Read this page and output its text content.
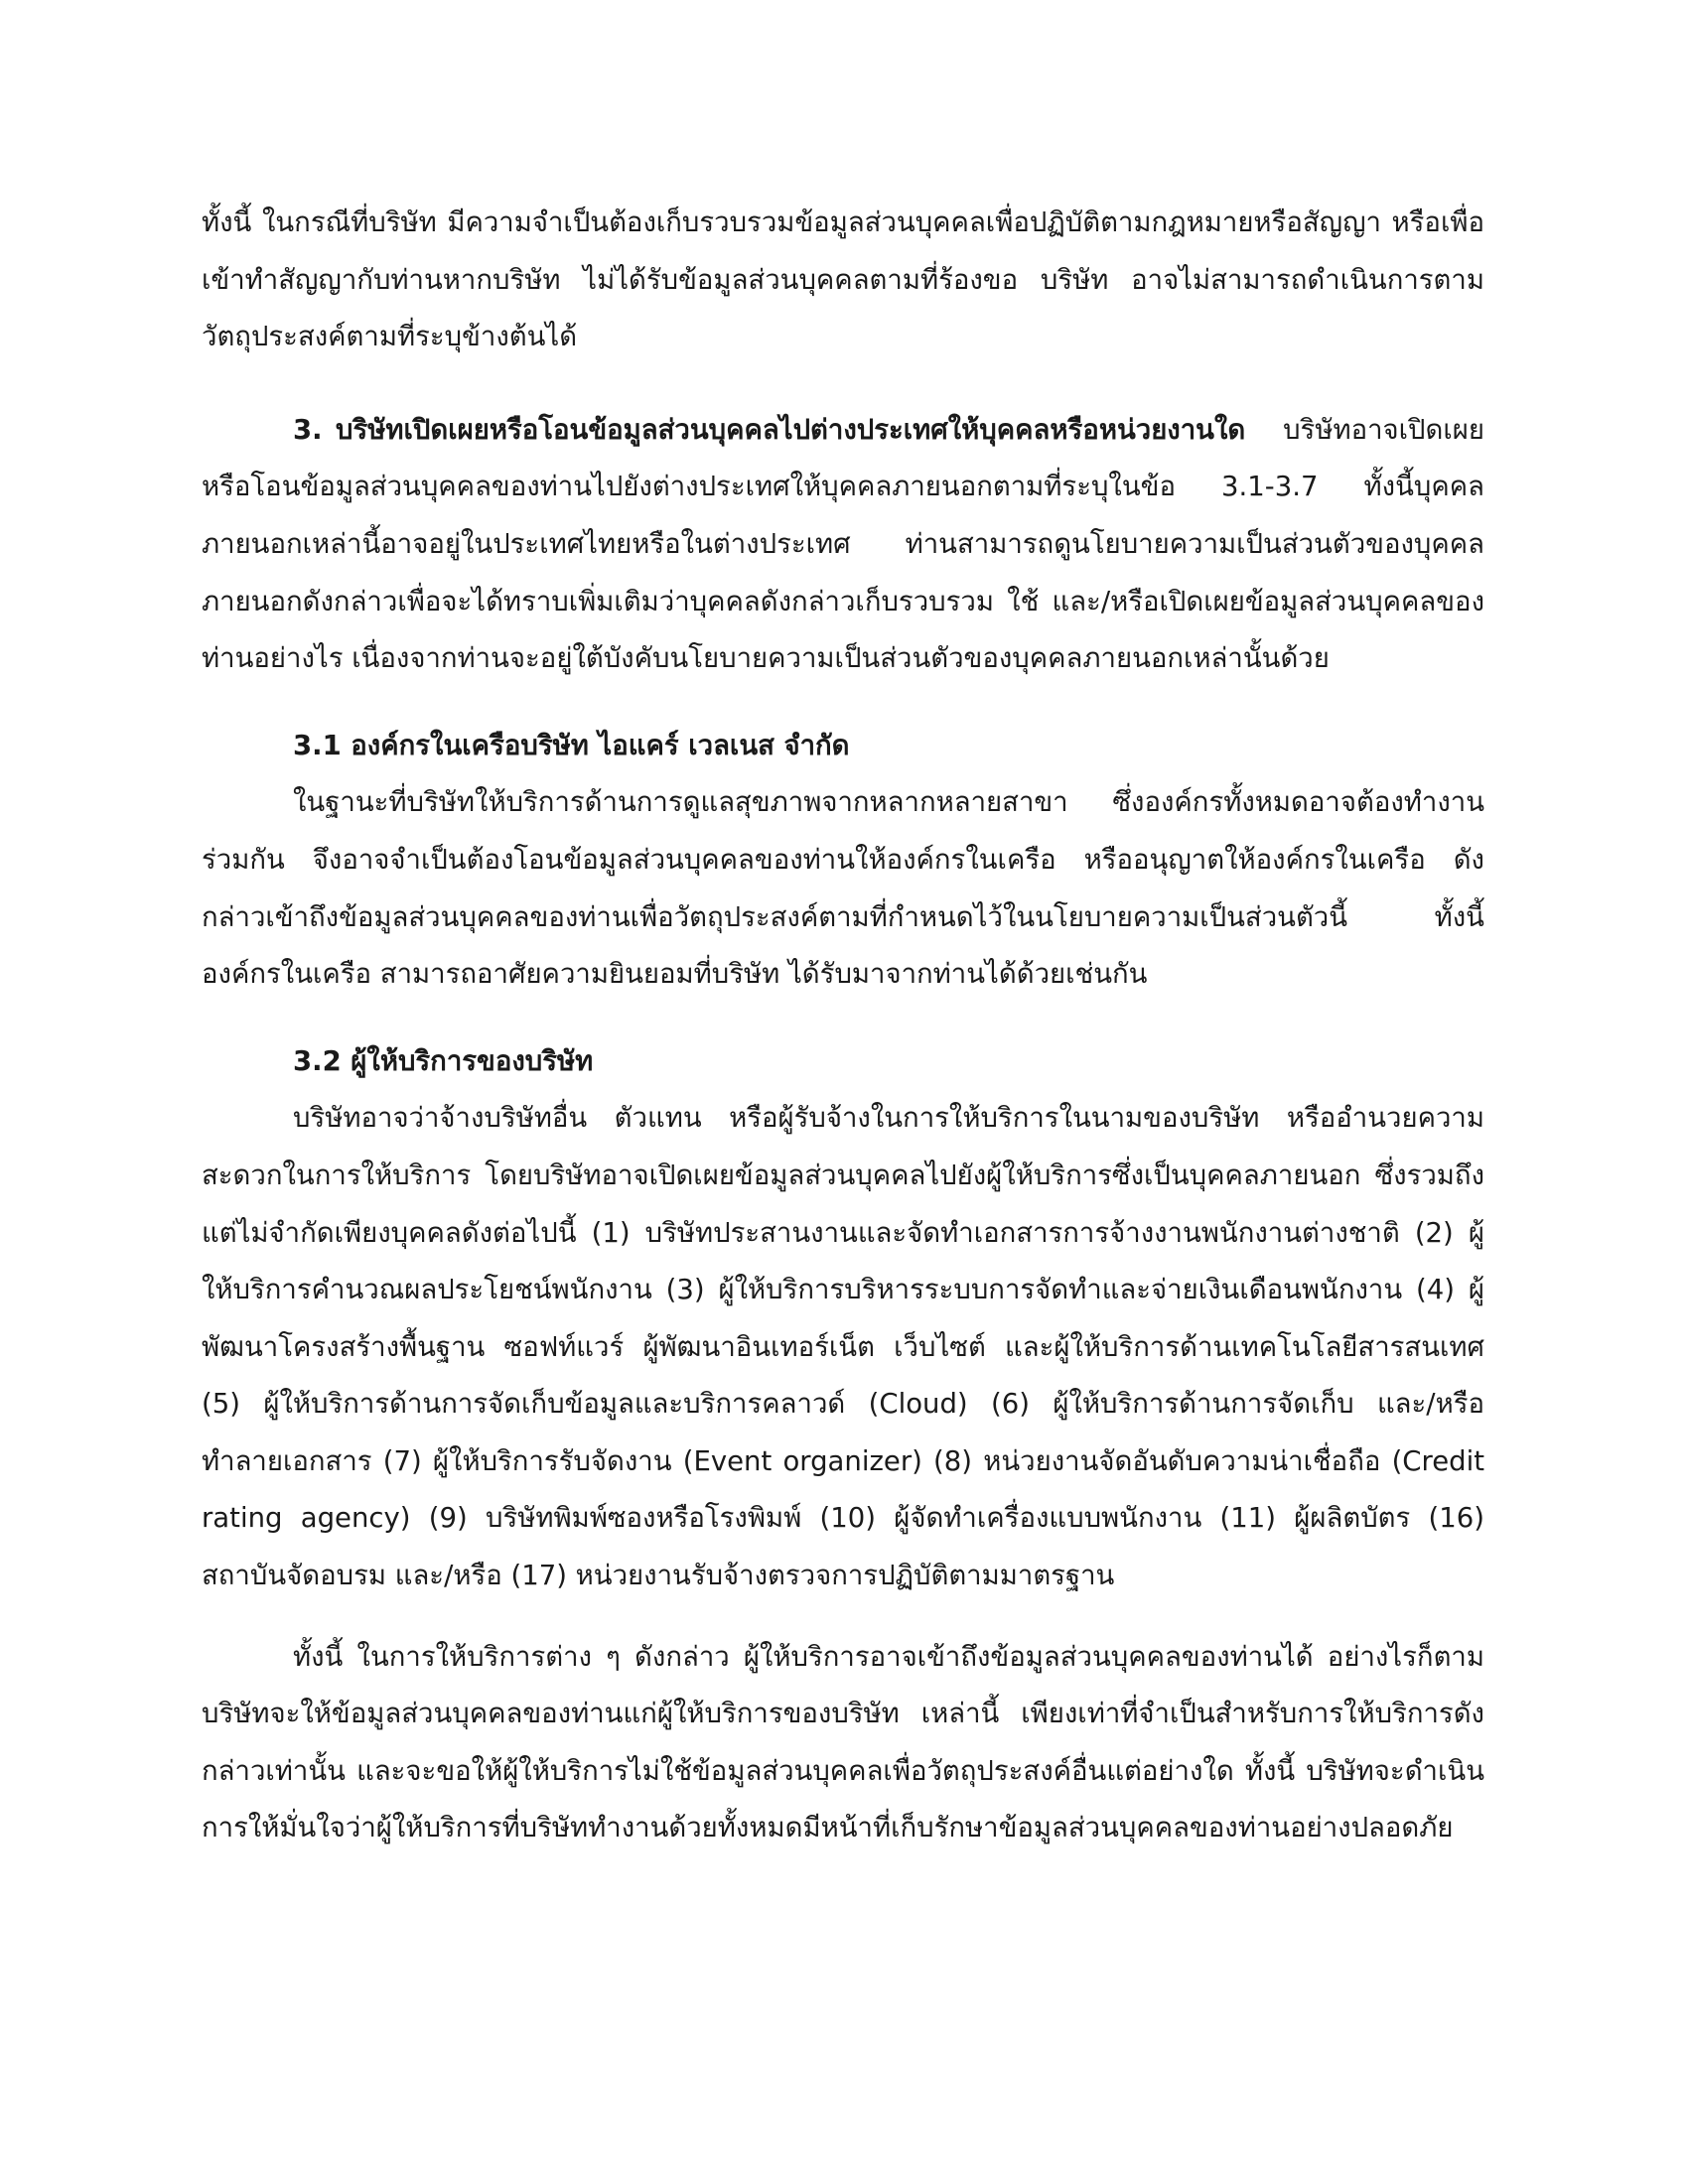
ทั้งนี้ ในกรณีที่บริษัท มีความจำเป็นต้องเก็บรวบรวมข้อมูลส่วนบุคคลเพื่อปฏิบัติตามกฎหมายหรือสัญญา หรือเพื่อเข้าทำสัญญากับท่านหากบริษัท ไม่ได้รับข้อมูลส่วนบุคคลตามที่ร้องขอ บริษัท อาจไม่สามารถดำเนินการตามวัตถุประสงค์ตามที่ระบุข้างต้นได้

3. บริษัทเปิดเผยหรือโอนข้อมูลส่วนบุคคลไปต่างประเทศให้บุคคลหรือหน่วยงานใด บริษัทอาจเปิดเผยหรือโอนข้อมูลส่วนบุคคลของท่านไปยังต่างประเทศให้บุคคลภายนอกตามที่ระบุในข้อ 3.1-3.7 ทั้งนี้บุคคลภายนอกเหล่านี้อาจอยู่ในประเทศไทยหรือในต่างประเทศ ท่านสามารถดูนโยบายความเป็นส่วนตัวของบุคคลภายนอกดังกล่าวเพื่อจะได้ทราบเพิ่มเติมว่าบุคคลดังกล่าวเก็บรวบรวม ใช้ และ/หรือเปิดเผยข้อมูลส่วนบุคคลของท่านอย่างไร เนื่องจากท่านจะอยู่ใต้บังคับนโยบายความเป็นส่วนตัวของบุคคลภายนอกเหล่านั้นด้วย

3.1 องค์กรในเครือบริษัท ไอแคร์ เวลเนส จำกัด

ในฐานะที่บริษัทให้บริการด้านการดูแลสุขภาพจากหลากหลายสาขา ซึ่งองค์กรทั้งหมดอาจต้องทำงานร่วมกัน จึงอาจจำเป็นต้องโอนข้อมูลส่วนบุคคลของท่านให้องค์กรในเครือ หรืออนุญาตให้องค์กรในเครือ ดังกล่าวเข้าถึงข้อมูลส่วนบุคคลของท่านเพื่อวัตถุประสงค์ตามที่กำหนดไว้ในนโยบายความเป็นส่วนตัวนี้ ทั้งนี้ องค์กรในเครือ สามารถอาศัยความยินยอมที่บริษัท ได้รับมาจากท่านได้ด้วยเช่นกัน

3.2 ผู้ให้บริการของบริษัท

บริษัทอาจว่าจ้างบริษัทอื่น ตัวแทน หรือผู้รับจ้างในการให้บริการในนามของบริษัท หรืออำนวยความสะดวกในการให้บริการ โดยบริษัทอาจเปิดเผยข้อมูลส่วนบุคคลไปยังผู้ให้บริการซึ่งเป็นบุคคลภายนอก ซึ่งรวมถึงแต่ไม่จำกัดเพียงบุคคลดังต่อไปนี้ (1) บริษัทประสานงานและจัดทำเอกสารการจ้างงานพนักงานต่างชาติ (2) ผู้ให้บริการคำนวณผลประโยชน์พนักงาน (3) ผู้ให้บริการบริหารระบบการจัดทำและจ่ายเงินเดือนพนักงาน (4) ผู้พัฒนาโครงสร้างพื้นฐาน ซอฟท์แวร์ ผู้พัฒนาอินเทอร์เน็ต เว็บไซต์ และผู้ให้บริการด้านเทคโนโลยีสารสนเทศ (5) ผู้ให้บริการด้านการจัดเก็บข้อมูลและบริการคลาวด์ (Cloud) (6) ผู้ให้บริการด้านการจัดเก็บ และ/หรือทำลายเอกสาร (7) ผู้ให้บริการรับจัดงาน (Event organizer) (8) หน่วยงานจัดอันดับความน่าเชื่อถือ (Credit rating agency) (9) บริษัทพิมพ์ซองหรือโรงพิมพ์ (10) ผู้จัดทำเครื่องแบบพนักงาน (11) ผู้ผลิตบัตร (16) สถาบันจัดอบรม และ/หรือ (17) หน่วยงานรับจ้างตรวจการปฏิบัติตามมาตรฐาน

ทั้งนี้ ในการให้บริการต่าง ๆ ดังกล่าว ผู้ให้บริการอาจเข้าถึงข้อมูลส่วนบุคคลของท่านได้ อย่างไรก็ตาม บริษัทจะให้ข้อมูลส่วนบุคคลของท่านแก่ผู้ให้บริการของบริษัท เหล่านี้ เพียงเท่าที่จำเป็นสำหรับการให้บริการดังกล่าวเท่านั้น และจะขอให้ผู้ให้บริการไม่ใช้ข้อมูลส่วนบุคคลเพื่อวัตถุประสงค์อื่นแต่อย่างใด ทั้งนี้ บริษัทจะดำเนินการให้มั่นใจว่าผู้ให้บริการที่บริษัททำงานด้วยทั้งหมดมีหน้าที่เก็บรักษาข้อมูลส่วนบุคคลของท่านอย่างปลอดภัย
